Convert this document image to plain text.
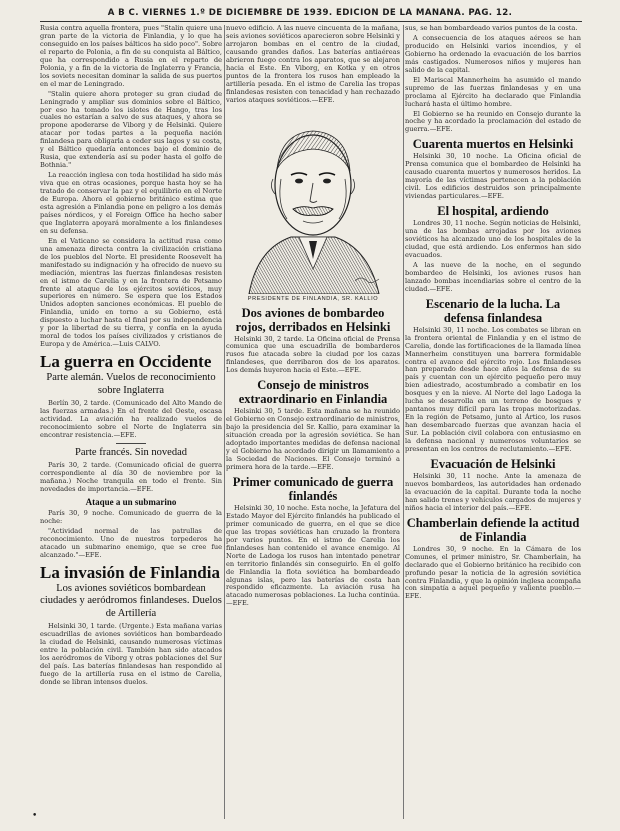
A B C. VIERNES 1.º DE DICIEMBRE DE 1939. EDICION DE LA MAÑANA. PAG. 12.

Rusia contra aquella frontera, pues "Stalin quiere una gran parte de la victoria de Finlandia, y lo que ha conseguido en los países bálticos ha sido poco". Sobre el reparto de Polonia, a fin de su conquista al Báltico, que ha correspondido a Rusia en el reparto de Polonia, y a fin de la victoria de Inglaterra y Francia, los soviets necesitan dominar la salida de sus puertos en el mar de Leningrado.

"Stalin quiere ahora proteger su gran ciudad de Leningrado y ampliar sus dominios sobre el Báltico, por eso ha tomado los islotes de Hango, tras los cuales no estarían a salvo de sus ataques, y ahora se propone apoderarse de Viborg y de Helsinki. Quiere atacar por todas partes a la pequeña nación finlandesa para obligarla a ceder sus lagos y su costa, y el Báltico quedaría entonces bajo el dominio de Rusia, que extendería así su poder hasta el golfo de Bothnia."

La reacción inglesa con toda hostilidad ha sido más viva que en otras ocasiones, porque hasta hoy se ha tratado de conservar la paz y el equilibrio en el Norte de Europa. Ahora el gobierno británico estima que esta agresión a Finlandia pone en peligro a los demás países nórdicos, y el Foreign Office ha hecho saber que Inglaterra apoyará moralmente a los finlandeses en su defensa.

En el Vaticano se considera la actitud rusa como una amenaza directa contra la civilización cristiana de los pueblos del Norte. El presidente Roosevelt ha manifestado su indignación y ha ofrecido de nuevo su mediación, mientras las fuerzas finlandesas resisten en el istmo de Carelia y en la frontera de Petsamo frente al ataque de los ejércitos soviéticos, muy superiores en número. Se espera que los Estados Unidos adopten sanciones económicas. El pueblo de Finlandia, unido en torno a su Gobierno, está dispuesto a luchar hasta el final por su independencia y por la libertad de su tierra, y confía en la ayuda moral de todos los países civilizados y cristianos de Europa y de América.—Luis CALVO.

La guerra en Occidente
Parte alemán. Vuelos de reconocimiento sobre Inglaterra

Berlín 30, 2 tarde. (Comunicado del Alto Mando de las fuerzas armadas.) En el frente del Oeste, escasa actividad. La aviación ha realizado vuelos de reconocimiento sobre el Norte de Inglaterra sin encontrar resistencia.—EFE.

Parte francés. Sin novedad

París 30, 2 tarde. (Comunicado oficial de guerra correspondiente al día 30 de noviembre por la mañana.) Noche tranquila en todo el frente. Sin novedades de importancia.—EFE.

Ataque a un submarino

París 30, 9 noche. Comunicado de guerra de la noche:

"Actividad normal de las patrullas de reconocimiento. Uno de nuestros torpederos ha atacado un submarino enemigo, que se cree fue alcanzado."—EFE.

La invasión de Finlandia
Los aviones soviéticos bombardean ciudades y aeródromos finlandeses. Duelos de Artillería

Helsinki 30, 1 tarde. (Urgente.) Esta mañana varias escuadrillas de aviones soviéticos han bombardeado la ciudad de Helsinki, causando numerosas víctimas entre la población civil. También han sido atacados los aeródromos de Viborg y otras poblaciones del Sur del país. Las baterías finlandesas han respondido al fuego de la artillería rusa en el istmo de Carelia, donde se libran intensos duelos.

nuevo edificio. A las nueve cincuenta de la mañana, seis aviones soviéticos aparecieron sobre Helsinki y arrojaron bombas en el centro de la ciudad, causando grandes daños. Las baterías antiaéreas abrieron fuego contra los aparatos, que se alejaron hacia el Este. En Viborg, en Kotka y en otros puntos de la frontera los rusos han empleado la artillería pesada. En el istmo de Carelia las tropas finlandesas resisten con tenacidad y han rechazado varios ataques soviéticos.—EFE.

PRESIDENTE DE FINLANDIA, SR. KALLIO
Dos aviones de bombardeo rojos, derribados en Helsinki

Helsinki 30, 2 tarde. La Oficina oficial de Prensa comunica que una escuadrilla de bombarderos rusos fue atacada sobre la ciudad por los cazas finlandeses, que derribaron dos de los aparatos. Los demás huyeron hacia el Este.—EFE.

Consejo de ministros extraordinario en Finlandia

Helsinki 30, 5 tarde. Esta mañana se ha reunido el Gobierno en Consejo extraordinario de ministros, bajo la presidencia del Sr. Kallio, para examinar la situación creada por la agresión soviética. Se han adoptado importantes medidas de defensa nacional y el Gobierno ha acordado dirigir un llamamiento a la Sociedad de Naciones. El Consejo terminó a primera hora de la tarde.—EFE.

Primer comunicado de guerra finlandés

Helsinki 30, 10 noche. Esta noche, la Jefatura del Estado Mayor del Ejército finlandés ha publicado el primer comunicado de guerra, en el que se dice que las tropas soviéticas han cruzado la frontera por varios puntos. En el istmo de Carelia los finlandeses han contenido el avance enemigo. Al Norte de Ladoga los rusos han intentado penetrar en territorio finlandés sin conseguirlo. En el golfo de Finlandia la flota soviética ha bombardeado algunas islas, pero las baterías de costa han respondido eficazmente. La aviación rusa ha atacado numerosas poblaciones. La lucha continúa.—EFE.

sus, se han bombardeado varios puntos de la costa.

A consecuencia de los ataques aéreos se han producido en Helsinki varios incendios, y el Gobierno ha ordenado la evacuación de los barrios más castigados. Numerosos niños y mujeres han salido de la capital.

El Mariscal Mannerheim ha asumido el mando supremo de las fuerzas finlandesas y en una proclama al Ejército ha declarado que Finlandia luchará hasta el último hombre.

El Gobierno se ha reunido en Consejo durante la noche y ha acordado la proclamación del estado de guerra.—EFE.

Cuarenta muertos en Helsinki

Helsinki 30, 10 noche. La Oficina oficial de Prensa comunica que el bombardeo de Helsinki ha causado cuarenta muertos y numerosos heridos. La mayoría de las víctimas pertenecen a la población civil. Los edificios destruidos son principalmente viviendas particulares.—EFE.

El hospital, ardiendo

Londres 30, 11 noche. Según noticias de Helsinki, una de las bombas arrojadas por los aviones soviéticos ha alcanzado uno de los hospitales de la ciudad, que está ardiendo. Los enfermos han sido evacuados.

A las nueve de la noche, en el segundo bombardeo de Helsinki, los aviones rusos han lanzado bombas incendiarias sobre el centro de la ciudad.—EFE.

Escenario de la lucha. La defensa finlandesa

Helsinki 30, 11 noche. Los combates se libran en la frontera oriental de Finlandia y en el istmo de Carelia, donde las fortificaciones de la llamada línea Mannerheim constituyen una barrera formidable contra el avance del ejército rojo. Los finlandeses han preparado desde hace años la defensa de su país y cuentan con un ejército pequeño pero muy bien adiestrado, acostumbrado a combatir en los bosques y en la nieve. Al Norte del lago Ladoga la lucha se desarrolla en un terreno de bosques y pantanos muy difícil para las tropas motorizadas. En la región de Petsamo, junto al Ártico, los rusos han desembarcado fuerzas que avanzan hacia el Sur. La población civil colabora con entusiasmo en la defensa nacional y numerosos voluntarios se presentan en los centros de reclutamiento.—EFE.

Evacuación de Helsinki

Helsinki 30, 11 noche. Ante la amenaza de nuevos bombardeos, las autoridades han ordenado la evacuación de la capital. Durante toda la noche han salido trenes y vehículos cargados de mujeres y niños hacia el interior del país.—EFE.

Chamberlain defiende la actitud de Finlandia

Londres 30, 9 noche. En la Cámara de los Comunes, el primer ministro, Sr. Chamberlain, ha declarado que el Gobierno británico ha recibido con profundo pesar la noticia de la agresión soviética contra Finlandia, y que la opinión inglesa acompaña con simpatía a aquel pequeño y valiente pueblo.—EFE.

•
